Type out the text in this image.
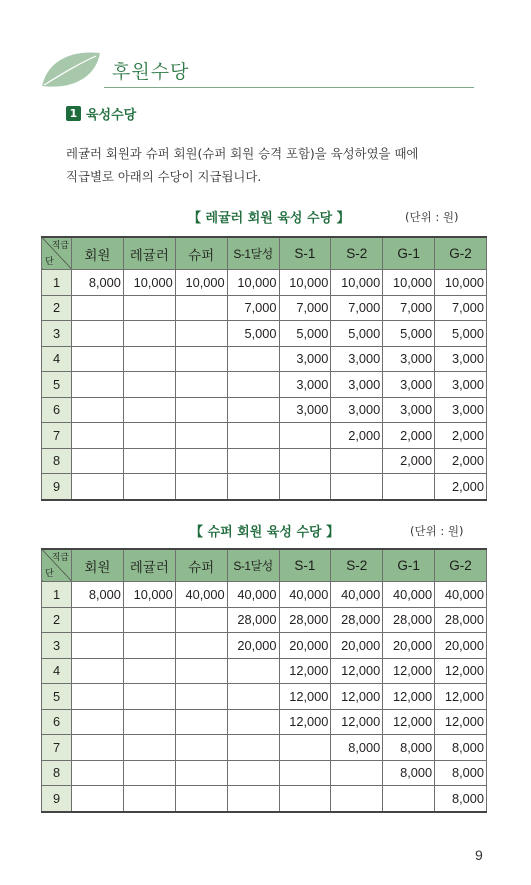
후원수당
1 육성수당
레귤러 회원과 슈퍼 회원(슈퍼 회원 승격 포함)을 육성하였을 때에
직급별로 아래의 수당이 지급됩니다.
【 레귤러 회원 육성 수당 】	(단위 : 원)
직급
단	회원	레귤러	슈퍼	S-1달성	S-1	S-2	G-1	G-2
1	8,000	10,000	10,000	10,000	10,000	10,000	10,000	10,000
2				7,000	7,000	7,000	7,000	7,000
3				5,000	5,000	5,000	5,000	5,000
4					3,000	3,000	3,000	3,000
5					3,000	3,000	3,000	3,000
6					3,000	3,000	3,000	3,000
7						2,000	2,000	2,000
8							2,000	2,000
9								2,000
【 슈퍼 회원 육성 수당 】	(단위 : 원)
직급
단	회원	레귤러	슈퍼	S-1달성	S-1	S-2	G-1	G-2
1	8,000	10,000	40,000	40,000	40,000	40,000	40,000	40,000
2				28,000	28,000	28,000	28,000	28,000
3				20,000	20,000	20,000	20,000	20,000
4					12,000	12,000	12,000	12,000
5					12,000	12,000	12,000	12,000
6					12,000	12,000	12,000	12,000
7						8,000	8,000	8,000
8							8,000	8,000
9								8,000
9
